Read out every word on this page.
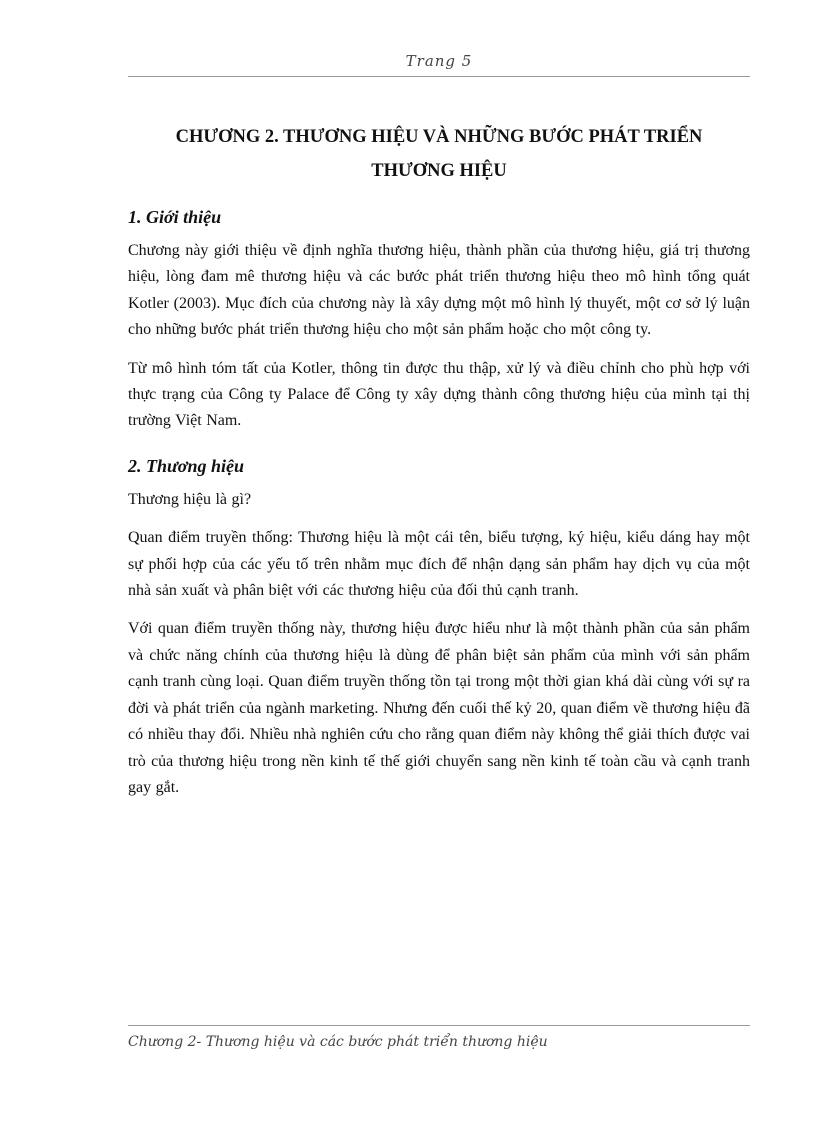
Trang 5
CHƯƠNG 2. THƯƠNG HIỆU VÀ NHỮNG BƯỚC PHÁT TRIỂN
THƯƠNG HIỆU
1. Giới thiệu

Chương này giới thiệu về định nghĩa thương hiệu, thành phần của thương hiệu, giá trị thương hiệu, lòng đam mê thương hiệu và các bước phát triển thương hiệu theo mô hình tổng quát Kotler (2003). Mục đích của chương này là xây dựng một mô hình lý thuyết, một cơ sở lý luận cho những bước phát triển thương hiệu cho một sản phẩm hoặc cho một công ty.

Từ mô hình tóm tất của Kotler, thông tin được thu thập, xử lý và điều chỉnh cho phù hợp với thực trạng của Công ty Palace để Công ty xây dựng thành công thương hiệu của mình tại thị trường Việt Nam.

2. Thương hiệu

Thương hiệu là gì?

Quan điểm truyền thống: Thương hiệu là một cái tên, biểu tượng, ký hiệu, kiểu dáng hay một sự phối hợp của các yếu tố trên nhằm mục đích để nhận dạng sản phẩm hay dịch vụ của một nhà sản xuất và phân biệt với các thương hiệu của đối thủ cạnh tranh.

Với quan điểm truyền thống này, thương hiệu được hiểu như là một thành phần của sản phẩm và chức năng chính của thương hiệu là dùng để phân biệt sản phẩm của mình với sản phẩm cạnh tranh cùng loại. Quan điểm truyền thống tồn tại trong một thời gian khá dài cùng với sự ra đời và phát triển của ngành marketing. Nhưng đến cuối thế kỷ 20, quan điểm về thương hiệu đã có nhiều thay đổi. Nhiều nhà nghiên cứu cho rằng quan điểm này không thể giải thích được vai trò của thương hiệu trong nền kinh tế thế giới chuyển sang nền kinh tế toàn cầu và cạnh tranh gay gắt.

Chương 2- Thương hiệu và các bước phát triển thương hiệu
